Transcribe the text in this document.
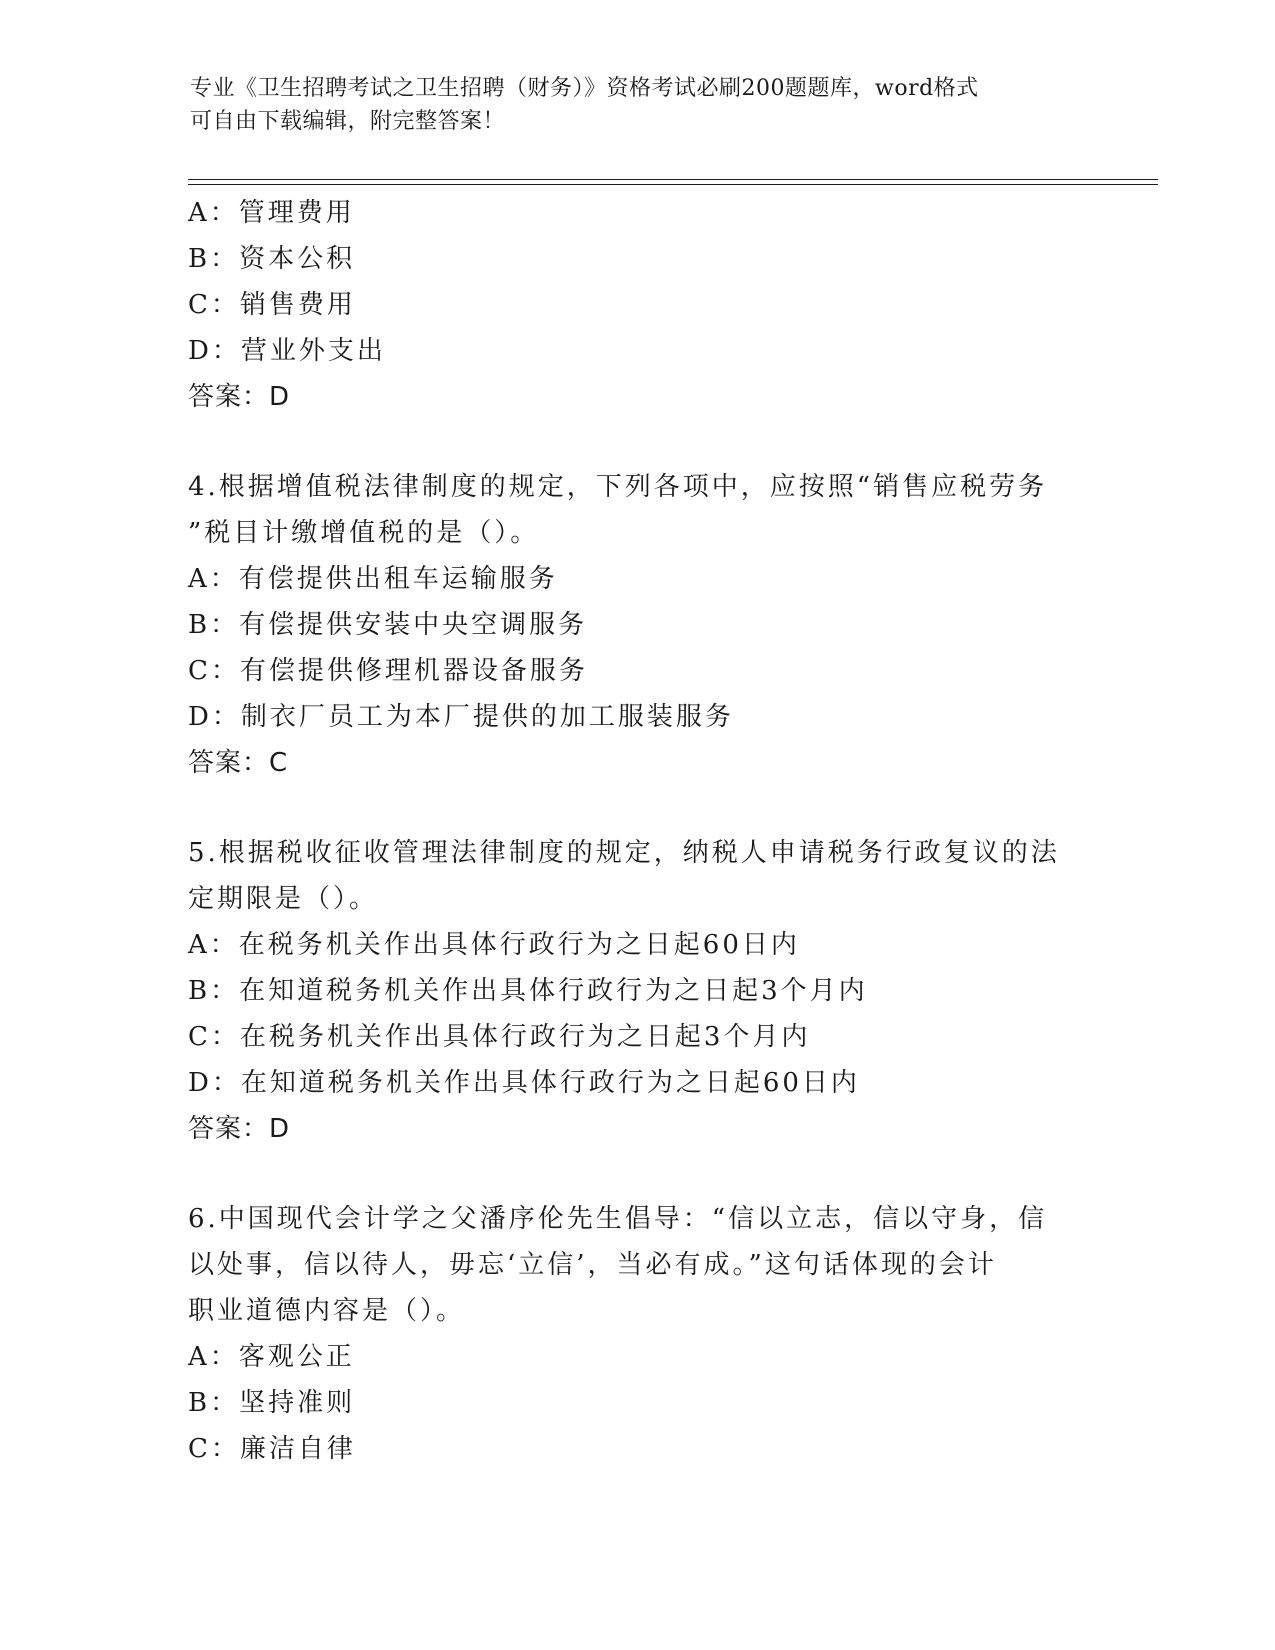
专业《卫生招聘考试之卫生招聘（财务）》资格考试必刷200题题库，word格式
可自由下载编辑，附完整答案！
A：管理费用
B：资本公积
C：销售费用
D：营业外支出
答案：D
4.根据增值税法律制度的规定，下列各项中，应按照“销售应税劳务
”税目计缴增值税的是（）。
A：有偿提供出租车运输服务
B：有偿提供安装中央空调服务
C：有偿提供修理机器设备服务
D：制衣厂员工为本厂提供的加工服装服务
答案：C
5.根据税收征收管理法律制度的规定，纳税人申请税务行政复议的法
定期限是（）。
A：在税务机关作出具体行政行为之日起60日内
B：在知道税务机关作出具体行政行为之日起3个月内
C：在税务机关作出具体行政行为之日起3个月内
D：在知道税务机关作出具体行政行为之日起60日内
答案：D
6.中国现代会计学之父潘序伦先生倡导：“信以立志，信以守身，信
以处事，信以待人，毋忘‘立信’，当必有成。”这句话体现的会计
职业道德内容是（）。
A：客观公正
B：坚持准则
C：廉洁自律
